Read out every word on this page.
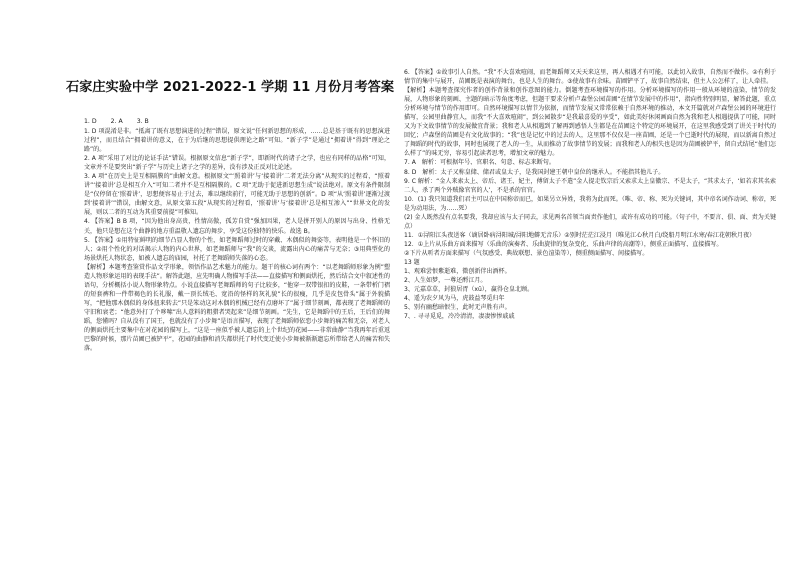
石家庄实验中学 2021-2022-1 学期 11 月份月考答案
1. D 2. A 3. B

1. D 项混淆是非。“抵离了既有思想演进的过程”错误，原文说“任何新思想的形成，……总是基于既有的思想演进过程”，而且结合“拥着讲的意义，在于为后继的思想提供理论之路”可知。“新子学”是通过“拥着讲”得到“理论之路”的。

2. A 项“采用了对比的论证手法”错误。根据原文信息“新子学”，即新时代的诸子之学，也应有同样的品格”可知，文章并不是要突出“新子学”与历史上诸子之学的差异，没有涉及正反对比论述。

3. A 项“在历史上是互相隔膜的”曲解文意。根据原文“‘照着讲’与‘接着讲’二者无法分离”从现实的过程看，“照着讲”‘接着讲’总是相互介入“可知二者并不是互相隔膜的。C 项“无助于促进新思想生成”说法绝对。原文有条件限制是“仅停留在‘照着讲’，思想便容易止于过去，难以继续前行，可能无助于思想的创新”。D 项“从‘照着讲’逐渐过渡到‘接着讲’”错误，曲解文意，从原文第五段“从现实的过程看，‘照着讲’与‘接着讲’总是相互渗入”“世界文化的发展，则以二者的互动为其重要前提”可推知。

4. 【答案】B B 项，“因为他出身高贵，性情高傲，孤芳自赏”强加因果，老人是拼开别人的原因与出身、性格无关，他只是想在这个曲静的地方重温敬人遗忘的舞步，享受这份独特的快乐。故选 B。

5. 【答案】①用特征鲜明的细节凸显人物的个性，如老舞蹈师过时的穿戴、木偶似的舞姿等，表明他是一个怀旧的人；②用个性化的对话揭示人物的内心世界，如老舞蹈师与“我”的交谈，流露出内心的痛苦与无奈；③用典型化的场景烘托人物状态，如被人遗忘的庙园，衬托了老舞蹈师失落的心态。

【解析】本题考查鉴赏作品文学形象，领悟作品艺术魅力的能力。题干的核心词有两个：“以老舞蹈师形象为例”塑造人物形象运用的表现手法”。解答此题，应先明确人物描写手法——直接描写和侧面烘托，然后结合文中叙述性的语句，分析概括小说人物形象特点。小说直接描写老舞蹈师的句子比较多，“他穿一双带银扣的皮鞋，一条带析门褶的短套裤和一件带褐色的长礼服，戴一顶长绒毛、宽沿的怪样的灰礼貌”长的很瘦，几乎是皮包骨头”属于外貌描写，“把他那木偶似的身体扭来转去”只是笨动这对木偶的机械已经有点磨坏了”属于细节刻画，都表现了老舞蹈师的守旧和衰老；“他意外打了个哆嗦”出人意料的粗猎者哭起来”是细节刻画。“先生，它是舞蹈中的王后，王后们的舞蹈，您懂吗？自从没有了国王，也就没有了小步舞”是语言描写，表现了老舞蹈师依恋小步舞的痛苦和无奈，对老人的侧面烘托主要集中在对花园的描写上，“这是一座似乎被人遗忘的上个世纪的花园——非常曲静”当我再年后重返巴黎的时候，那片苗圃已被铲平”，花园的曲静和消失都烘托了时代变迁使小步舞被渐渐遗忘所带给老人的痛苦和失落。

6. 【答案】①故事引人自然。“我”不大喜欢喧闹，而老舞蹈师又天天来这里，再人相遇才有可能，以此切入故事，自然而不做作。②有利于情节的集中与展开，苗圃既是表演的舞台，也是人生的舞台。③使故事有余味。苗圃铲平了，故事自然结束，但主人公怎样了，让人牵挂。

【解析】本题考查探究作者的创作背景和创作意图的能力。倒题考查环境描写的作用。分析环境描写的作用一般从环境的渲染，情节的发展，人物形象的刻画、主题的暗示等角度考虑，但题干要求分析卢森堡公园苗圃“在情节发展中的作用”，指向性特别明显，解答此题，重点分析环境与情节的作用即可。自然环境描写以情节为依据，而情节发展又常常依赖于自然环境的推动，本文开篇就对卢森堡公园的环境进行描写，公园里曲静宜人，而我“不大喜欢喧闹”，到公园散步“是我最喜爱的享受”，如此美好休闲画面自然为我和老人相遇提供了可能，同时又为下文故事情节的发展做宜背景；我和老人从相遇到了解再到感悟人生都是在苗圃这个特定的环境展开，在这里我感受到了讲关于时代的回忆；卢森堡的苗圃是有文化故事的；“我”也是记忆中的过去的人，这里那不仅仅是一座苗圃，还是一个已逝时代的展现，而以新离自然过了舞蹈的时代的故事，同时也展现了老人的一生，从而推动了故事情节的发展；而我和老人的相失也是因为苗圃被铲平，留自式结尾“他们怎么样了”的味无穷，容易引起读者思考，增加文章的魅力。

7. A　解析：可根据年号、官职名、句意、标志来断句。

8. D　解析：太子又称皇储、储君或皇太子，是我国封建王朝中皇位的继承人。不能指其他儿子。

9. C 解析：“金人来索太上、帝后、诸王、妃主，傅留太子不遣”金人提走钦宗后又索求太上皇徽宗、不是太子，“其求太子，‘如若求其名索二人，杀了两个外贼像官官的人’，不是杀的官官。

10．(1) 我只知道我们君主可以在中国称帝而已，如果另立异姓，我将为此而死。（唯、帝、称、死为关键词，其中帝名词作动词、称帝，死是为动用法，为……死）

(2) 金人既然没有点名要我，我却应该与太子同去，求见两名首领当面责作他们，或许有成功的可能。（句子中，不要言、俱、面、责为关键点）

11．①浔阳江头夜送客（谪居卧病浔阳城/浔阳地僻无音乐）②别时茫茫江浸月（唯见江心秋月白/绕船月明江水寒/春江花朝秋月夜）

12．①上片从乐曲方面来描写（乐曲的演奏者、乐曲旋律的复杂变化、乐曲声律的高潮等），侧重正面描写、直接描写。

②下片从听者方面来描写（气氛感受、典故联想、景色渲染等），侧重侧面描写、间接描写。

13 题

1、观难尝恨紫逝难，微创新伴出酒杯。

2、人生如梦，一尊还酹江月。

3、元嘉草草，封狼居胥（xū），赢得仓皇北顾。

4、遥为农夕风为马，虎鼓益琴觅归年

5、别有幽愁暗恨生，此时无声胜有声。

7、. 寻寻觅觅，冷冷清清，凄凄惨惨戚戚
